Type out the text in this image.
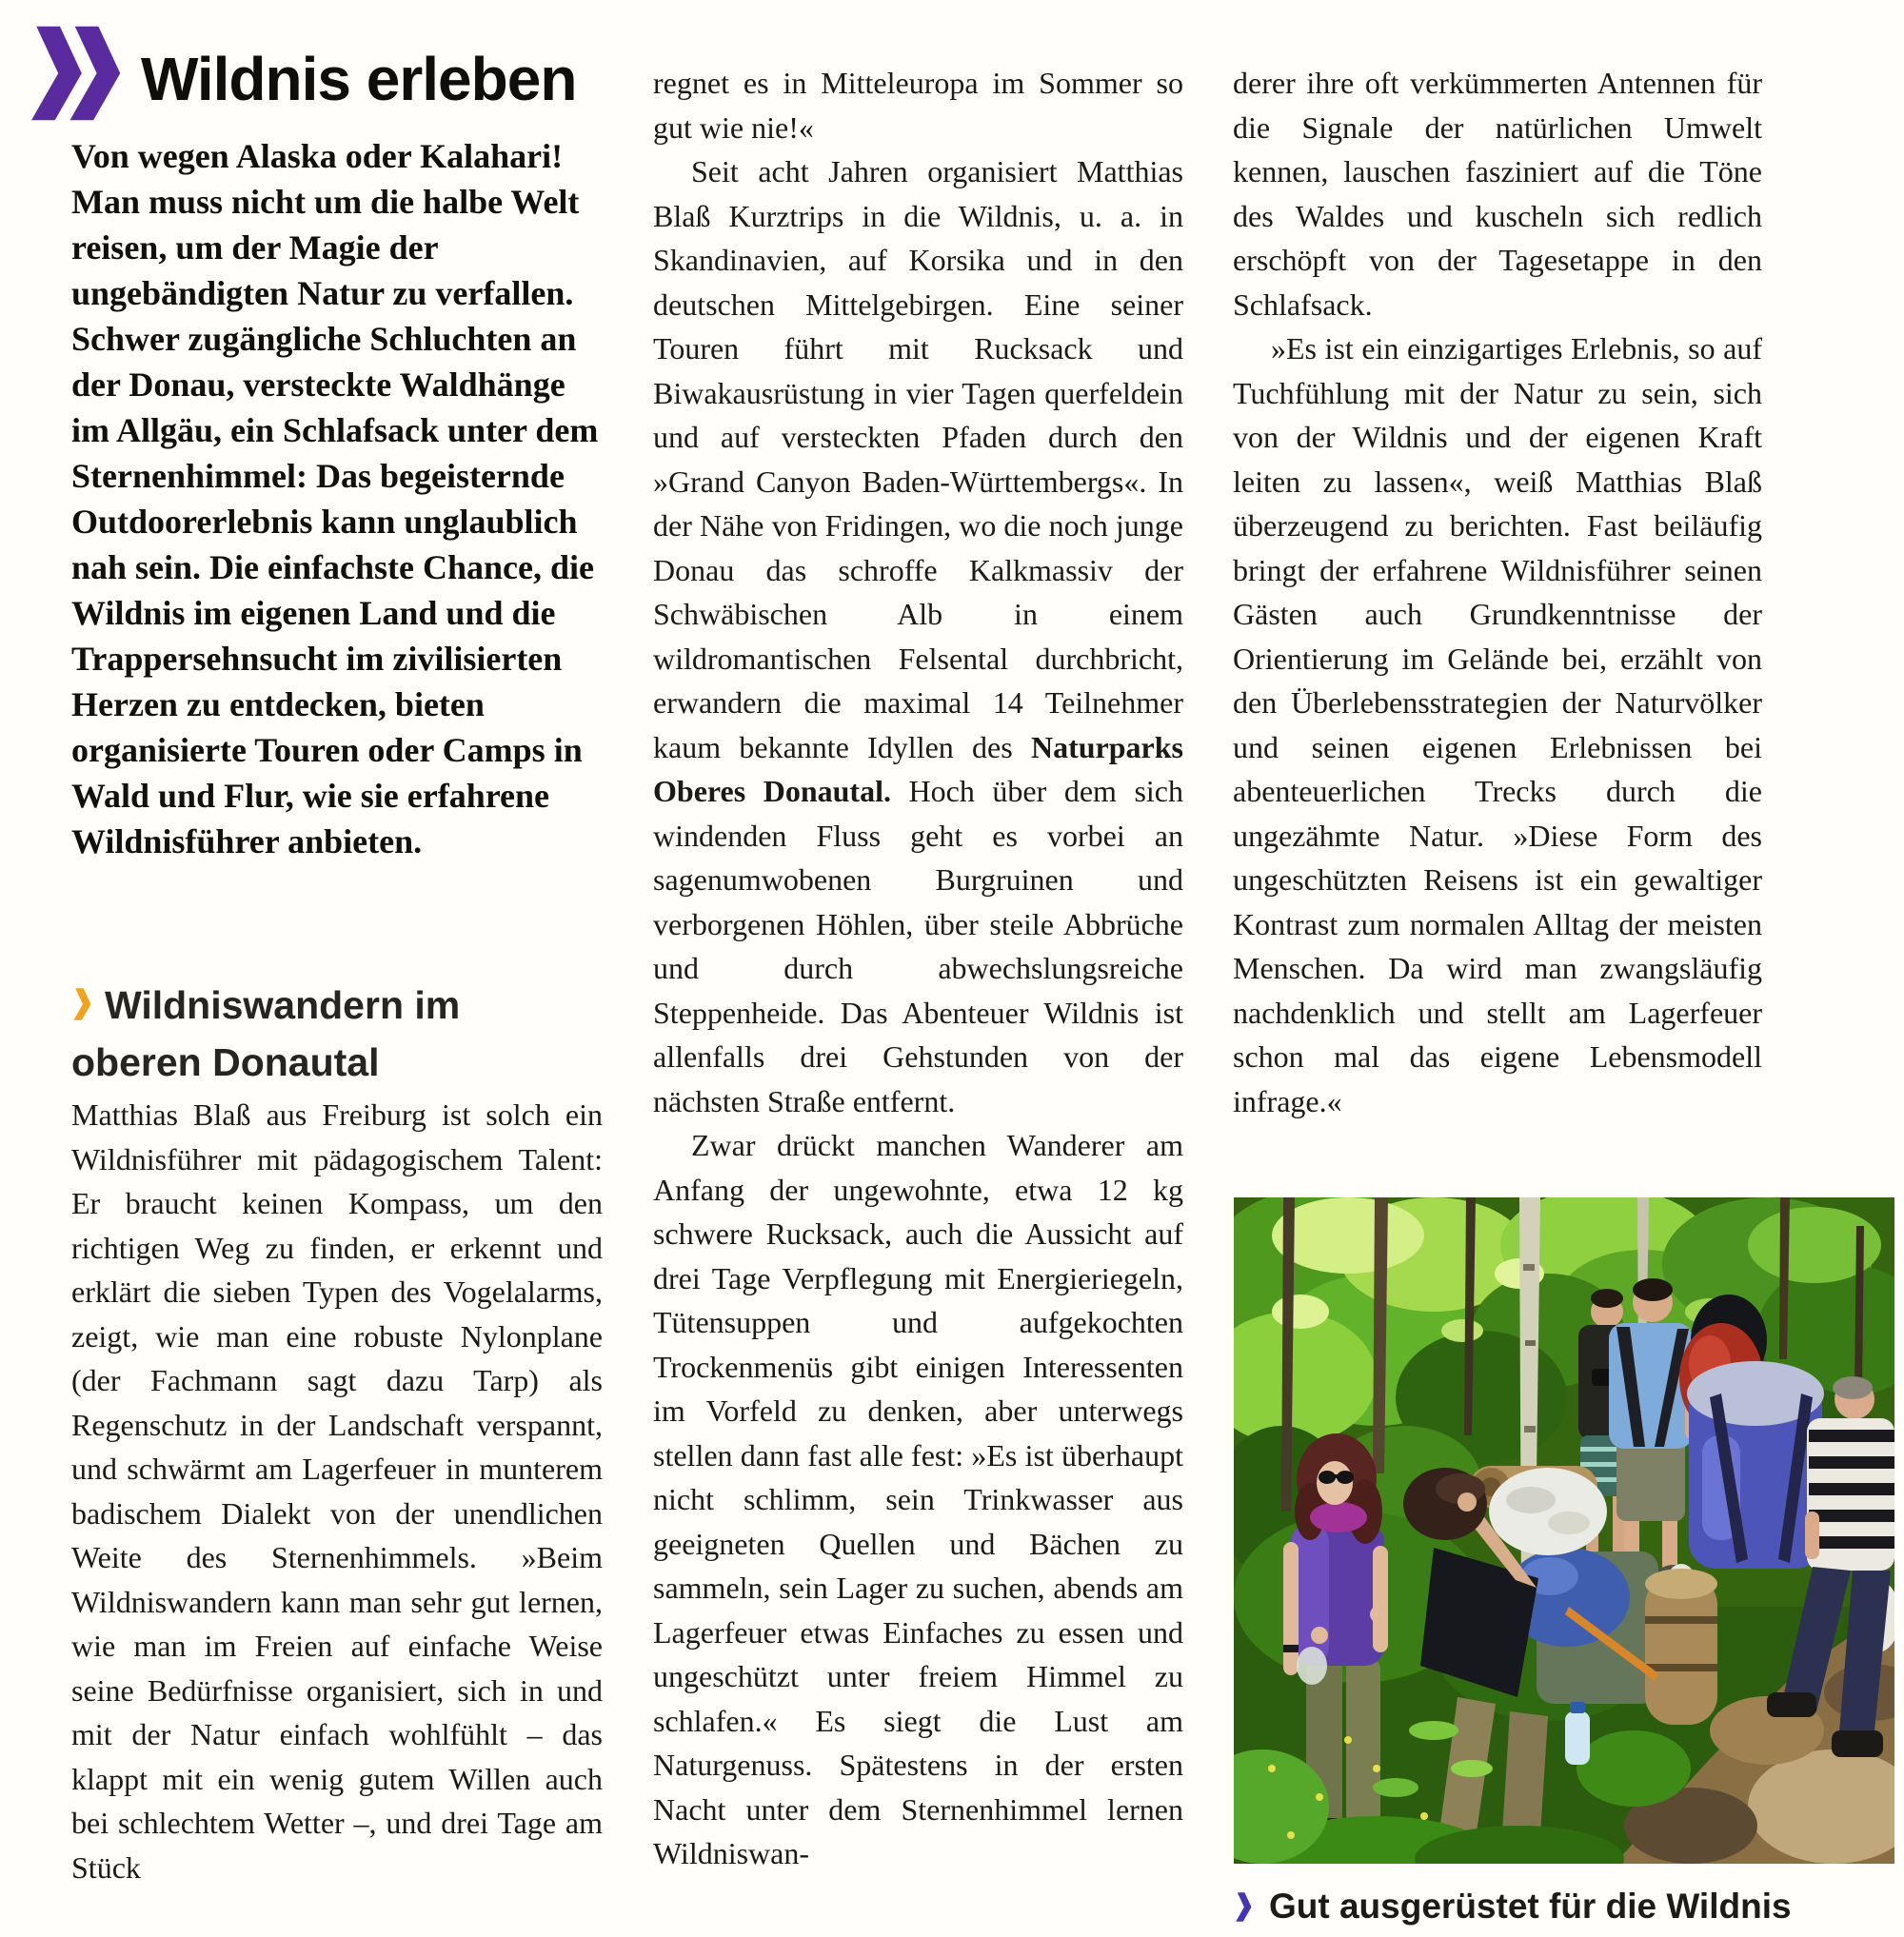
Wildnis erleben
Von wegen Alaska oder Kalahari! Man muss nicht um die halbe Welt reisen, um der Magie der ungebändigten Natur zu verfallen. Schwer zugängliche Schluchten an der Donau, versteckte Waldhänge im Allgäu, ein Schlafsack unter dem Sternenhimmel: Das begeisternde Outdoorerlebnis kann unglaublich nah sein. Die einfachste Chance, die Wildnis im eigenen Land und die Trappersehnsucht im zivilisierten Herzen zu entdecken, bieten organisierte Touren oder Camps in Wald und Flur, wie sie erfahrene Wildnisführer anbieten.
Wildniswandern im
oberen Donautal

Matthias Blaß aus Freiburg ist solch ein Wildnisführer mit pädagogischem Talent: Er braucht keinen Kompass, um den richtigen Weg zu finden, er erkennt und erklärt die sieben Typen des Vogelalarms, zeigt, wie man eine robuste Nylonplane (der Fachmann sagt dazu Tarp) als Regenschutz in der Landschaft verspannt, und schwärmt am Lagerfeuer in munterem badischem Dialekt von der unendlichen Weite des Sternenhimmels. »Beim Wildniswandern kann man sehr gut lernen, wie man im Freien auf einfache Weise seine Bedürfnisse organisiert, sich in und mit der Natur einfach wohlfühlt – das klappt mit ein wenig gutem Willen auch bei schlechtem Wetter –, und drei Tage am Stück

regnet es in Mitteleuropa im Sommer so gut wie nie!«

Seit acht Jahren organisiert Matthias Blaß Kurztrips in die Wildnis, u. a. in Skandinavien, auf Korsika und in den deutschen Mittelgebirgen. Eine seiner Touren führt mit Rucksack und Biwakausrüstung in vier Tagen querfeldein und auf versteckten Pfaden durch den »Grand Canyon Baden-Württembergs«. In der Nähe von Fridingen, wo die noch junge Donau das schroffe Kalkmassiv der Schwäbischen Alb in einem wildromantischen Felsental durchbricht, erwandern die maximal 14 Teilnehmer kaum bekannte Idyllen des Naturparks Oberes Donautal. Hoch über dem sich windenden Fluss geht es vorbei an sagenumwobenen Burgruinen und verborgenen Höhlen, über steile Abbrüche und durch abwechslungsreiche Steppenheide. Das Abenteuer Wildnis ist allenfalls drei Gehstunden von der nächsten Straße entfernt.

Zwar drückt manchen Wanderer am Anfang der ungewohnte, etwa 12 kg schwere Rucksack, auch die Aussicht auf drei Tage Verpflegung mit Energieriegeln, Tütensuppen und aufgekochten Trockenmenüs gibt einigen Interessenten im Vorfeld zu denken, aber unterwegs stellen dann fast alle fest: »Es ist überhaupt nicht schlimm, sein Trinkwasser aus geeigneten Quellen und Bächen zu sammeln, sein Lager zu suchen, abends am Lagerfeuer etwas Einfaches zu essen und ungeschützt unter freiem Himmel zu schlafen.« Es siegt die Lust am Naturgenuss. Spätestens in der ersten Nacht unter dem Sternenhimmel lernen Wildniswan-

derer ihre oft verkümmerten Antennen für die Signale der natürlichen Umwelt kennen, lauschen fasziniert auf die Töne des Waldes und kuscheln sich redlich erschöpft von der Tagesetappe in den Schlafsack.

»Es ist ein einzigartiges Erlebnis, so auf Tuchfühlung mit der Natur zu sein, sich von der Wildnis und der eigenen Kraft leiten zu lassen«, weiß Matthias Blaß überzeugend zu berichten. Fast beiläufig bringt der erfahrene Wildnisführer seinen Gästen auch Grundkenntnisse der Orientierung im Gelände bei, erzählt von den Überlebensstrategien der Naturvölker und seinen eigenen Erlebnissen bei abenteuerlichen Trecks durch die ungezähmte Natur. »Diese Form des ungeschützten Reisens ist ein gewaltiger Kontrast zum normalen Alltag der meisten Menschen. Da wird man zwangsläufig nachdenklich und stellt am Lagerfeuer schon mal das eigene Lebensmodell infrage.«

Gut ausgerüstet für die Wildnis
